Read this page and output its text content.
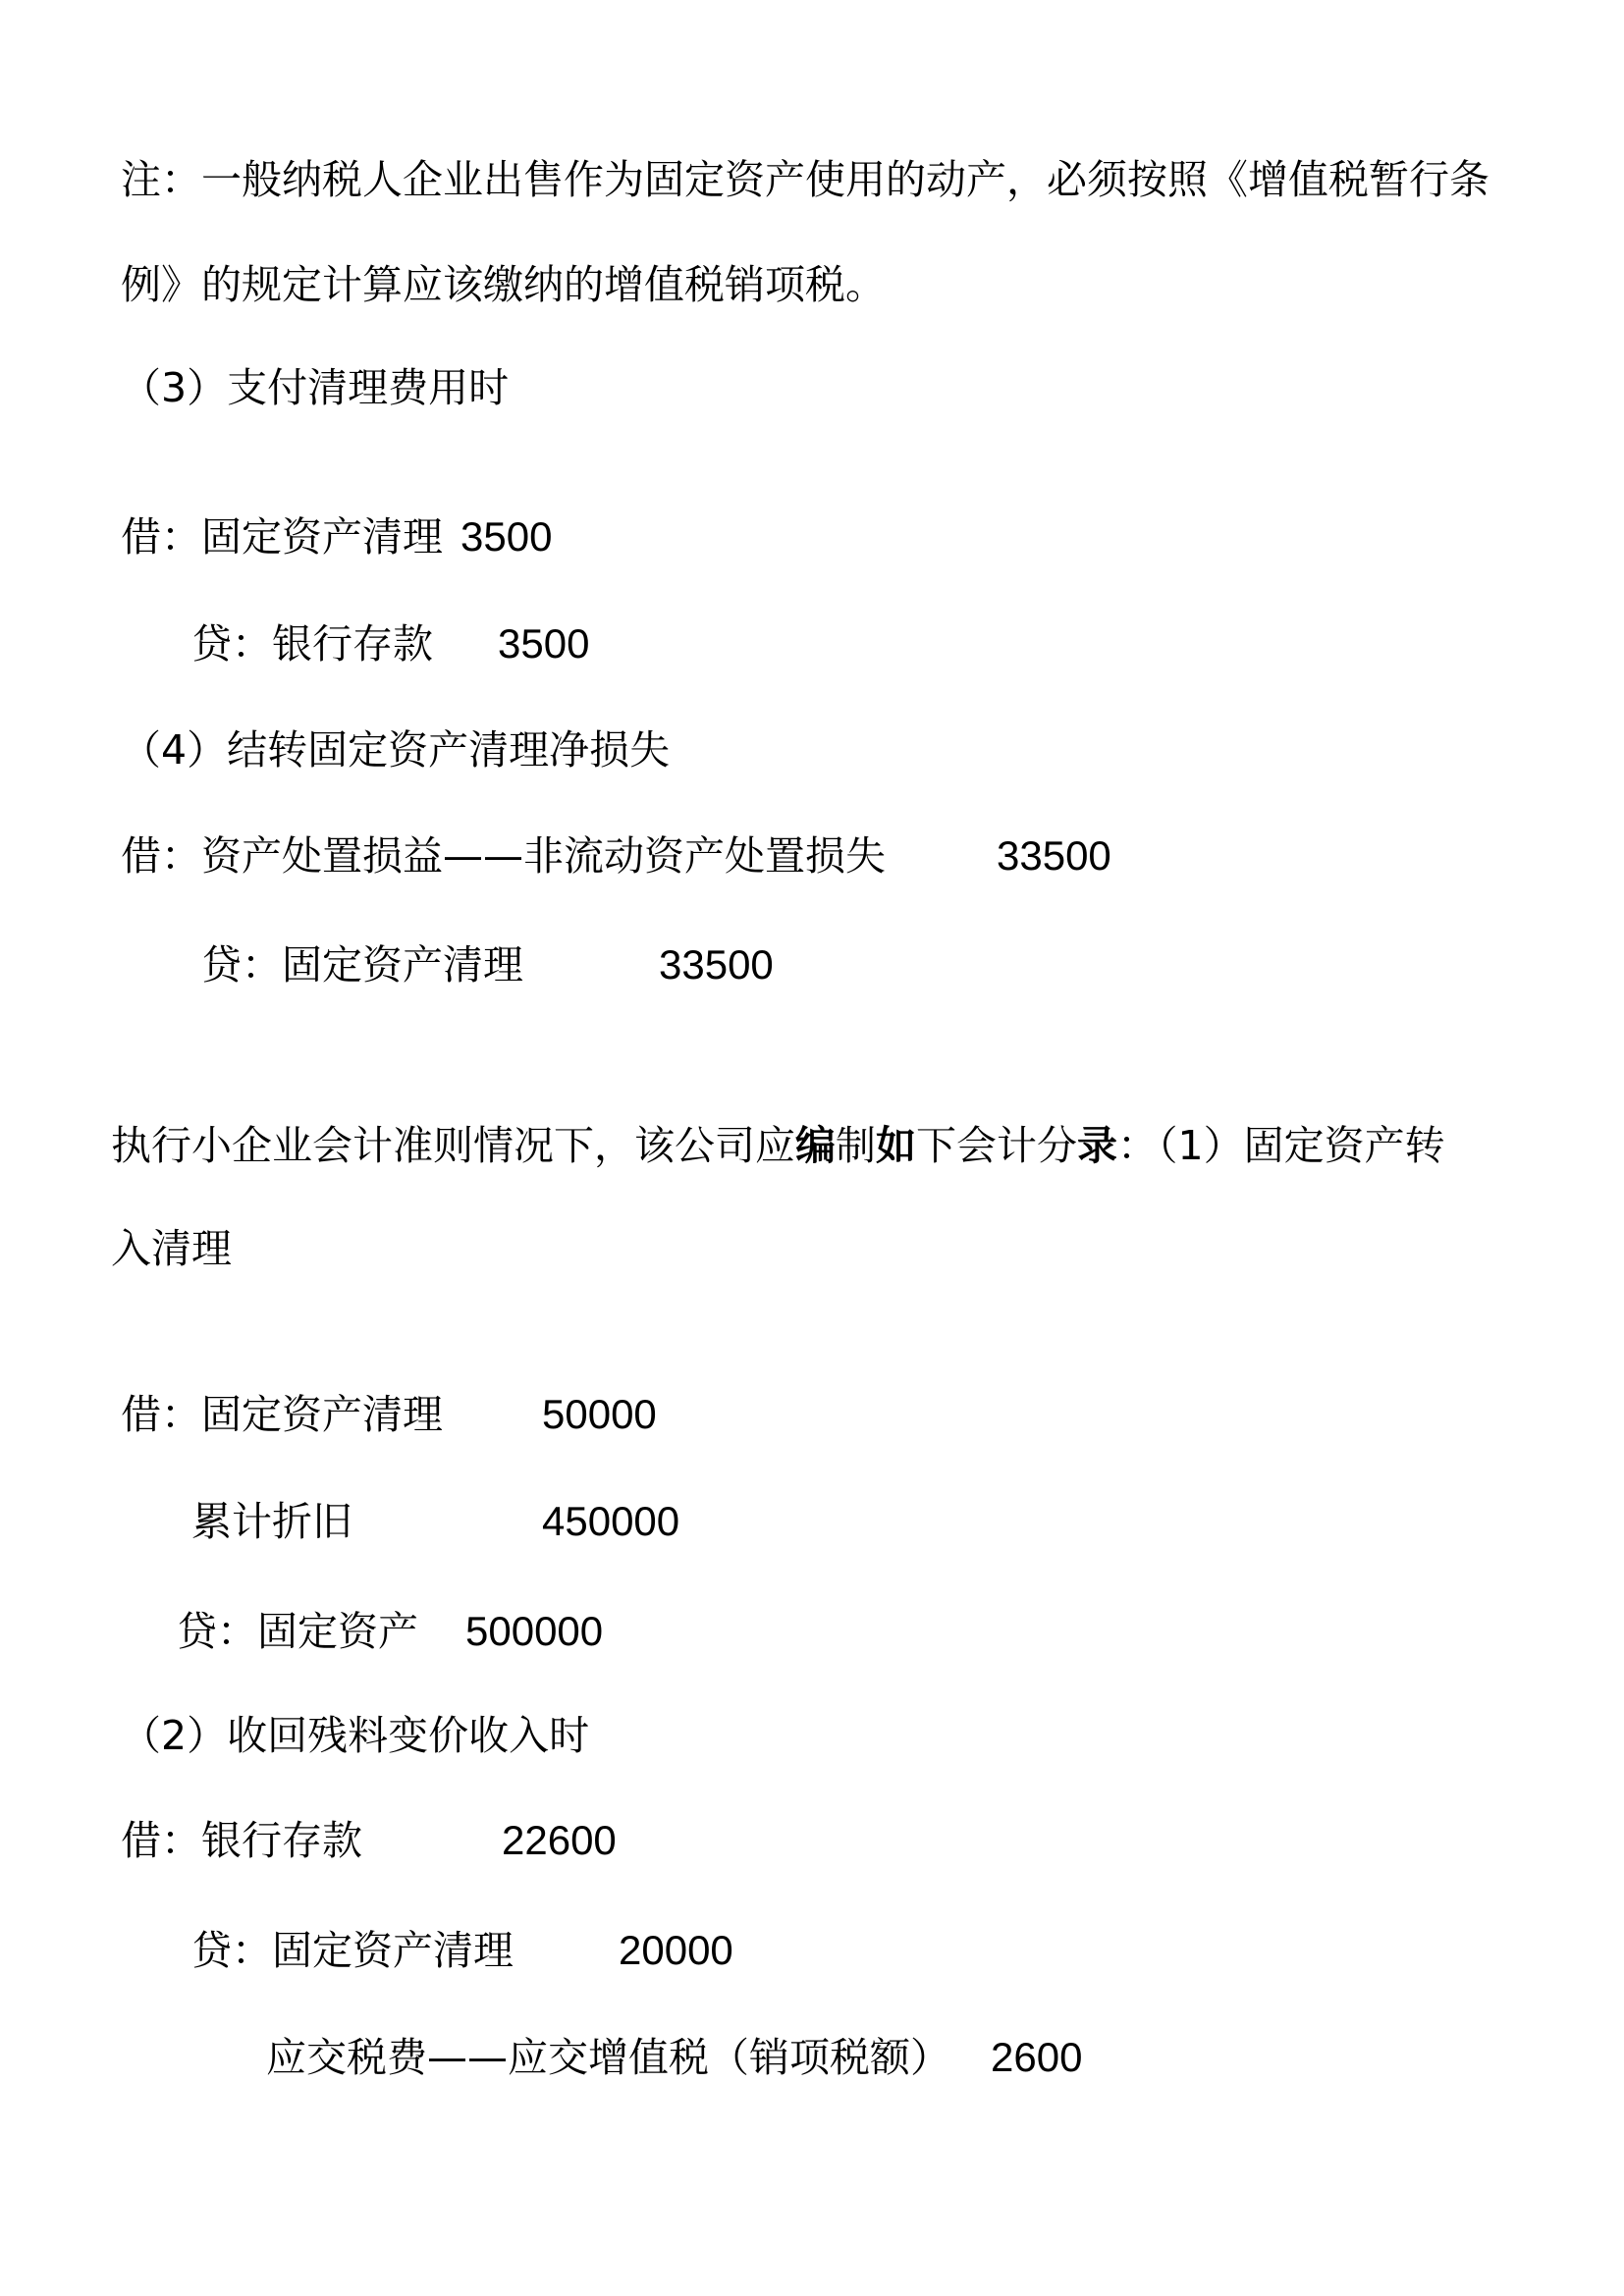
注：一般纳税人企业出售作为固定资产使用的动产，必须按照《增值税暂行条
例》的规定计算应该缴纳的增值税销项税。
（3）支付清理费用时
借：固定资产清理 3500
贷：银行存款 3500
（4）结转固定资产清理净损失
借：资产处置损益——非流动资产处置损失	33500
贷：固定资产清理	33500
执行小企业会计准则情况下，该公司应编制如下会计分录：（1）固定资产转
入清理
借：固定资产清理 50000
累计折旧	450000
贷：固定资产 500000
（2）收回残料变价收入时
借：银行存款	22600
贷：固定资产清理	20000
应交税费——应交增值税（销项税额） 2600
